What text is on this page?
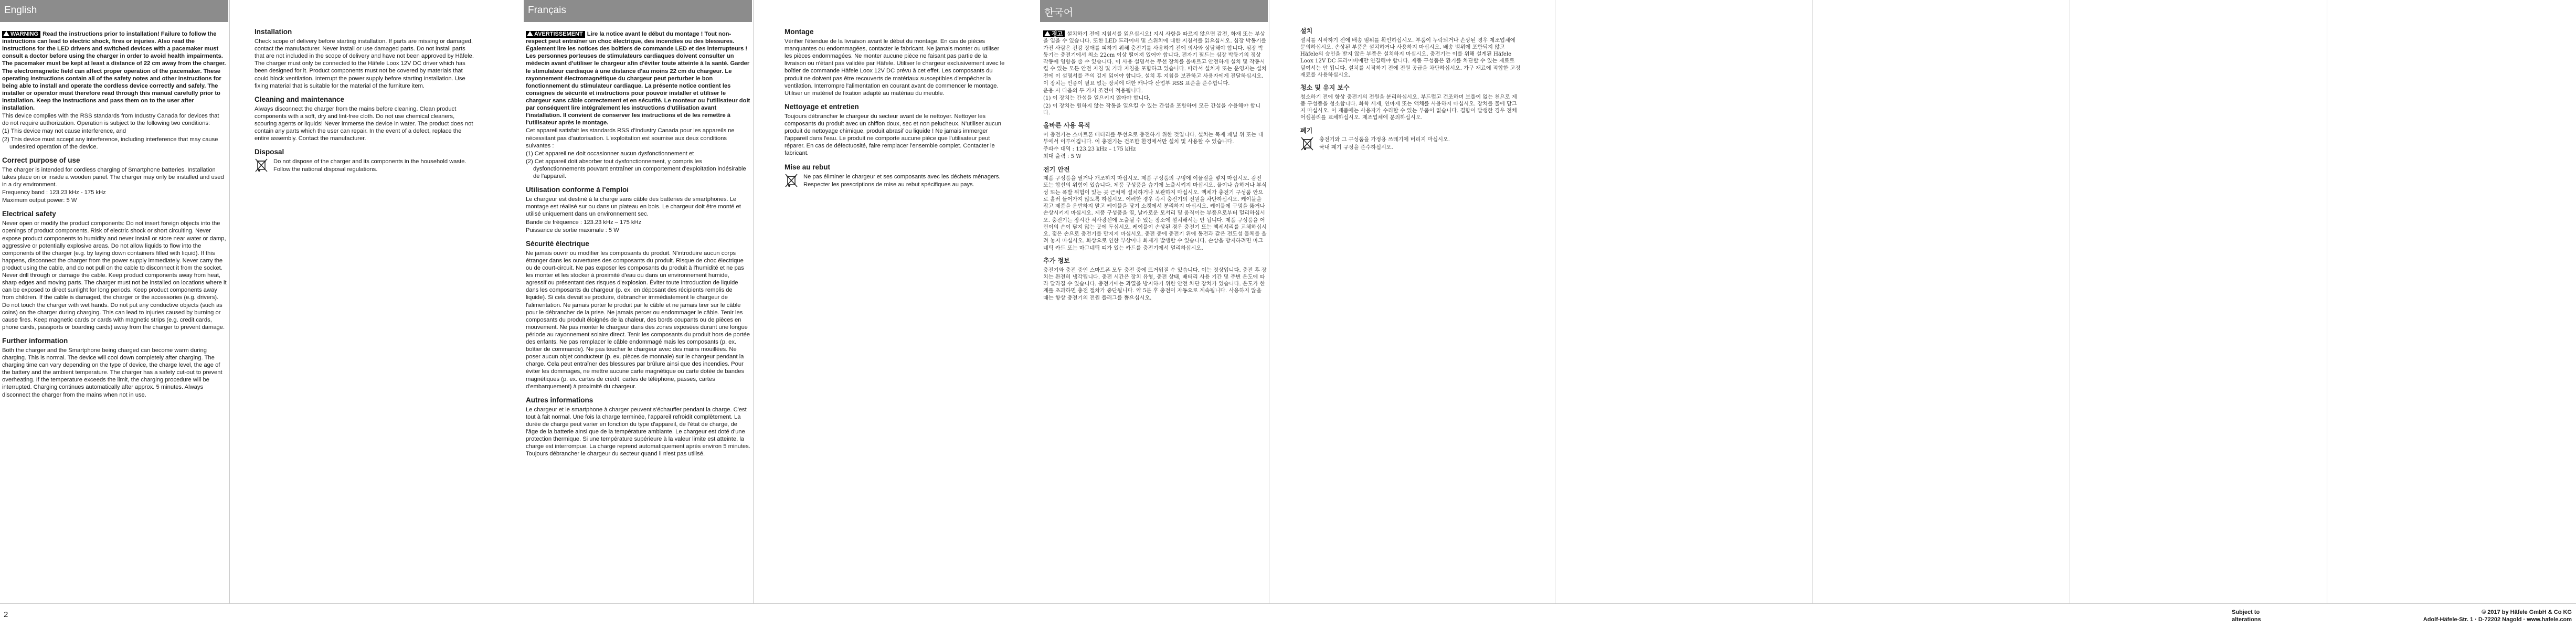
English

WARNING Read the instructions prior to installation! Failure to follow the instructions can lead to electric shock, fires or injuries. Also read the instructions for the LED drivers and switched devices with a pacemaker must consult a doctor before using the charger in order to avoid health impairments. The pacemaker must be kept at least a distance of 22 cm away from the charger. The electromagnetic field can affect proper operation of the pacemaker. These operating instructions contain all of the safety notes and other instructions for being able to install and operate the cordless device correctly and safely. The installer or operator must therefore read through this manual carefully prior to installation. Keep the instructions and pass them on to the user after installation.

This device complies with the RSS standards from Industry Canada for devices that do not require authorization. Operation is subject to the following two conditions:

(1) This device may not cause interference, and

(2) This device must accept any interference, including interference that may cause undesired operation of the device.

Correct purpose of use

The charger is intended for cordless charging of Smartphone batteries. Installation takes place on or inside a wooden panel. The charger may only be installed and used in a dry environment.

Frequency band : 123.23 kHz - 175 kHz

Maximum output power: 5 W

Electrical safety

Never open or modify the product components: Do not insert foreign objects into the openings of product components. Risk of electric shock or short circuiting. Never expose product components to humidity and never install or store near water or damp, aggressive or potentially explosive areas. Do not allow liquids to flow into the components of the charger (e.g. by laying down containers filled with liquid). If this happens, disconnect the charger from the power supply immediately. Never carry the product using the cable, and do not pull on the cable to disconnect it from the socket. Never drill through or damage the cable. Keep product components away from heat, sharp edges and moving parts. The charger must not be installed on locations where it can be exposed to direct sunlight for long periods. Keep product components away from children. If the cable is damaged, the charger or the accessories (e.g. drivers). Do not touch the charger with wet hands. Do not put any conductive objects (such as coins) on the charger during charging. This can lead to injuries caused by burning or cause fires. Keep magnetic cards or cards with magnetic strips (e.g. credit cards, phone cards, passports or boarding cards) away from the charger to prevent damage.

Further information

Both the charger and the Smartphone being charged can become warm during charging. This is normal. The device will cool down completely after charging. The charging time can vary depending on the type of device, the charge level, the age of the battery and the ambient temperature. The charger has a safety cut-out to prevent overheating. If the temperature exceeds the limit, the charging procedure will be interrupted. Charging continues automatically after approx. 5 minutes. Always disconnect the charger from the mains when not in use.

Installation

Check scope of delivery before starting installation. If parts are missing or damaged, contact the manufacturer. Never install or use damaged parts. Do not install parts that are not included in the scope of delivery and have not been approved by Häfele. The charger must only be connected to the Häfele Loox 12V DC driver which has been designed for it. Product components must not be covered by materials that could block ventilation. Interrupt the power supply before starting installation. Use fixing material that is suitable for the material of the furniture item.

Cleaning and maintenance

Always disconnect the charger from the mains before cleaning. Clean product components with a soft, dry and lint-free cloth. Do not use chemical cleaners, scouring agents or liquids! Never immerse the device in water. The product does not contain any parts which the user can repair. In the event of a defect, replace the entire assembly. Contact the manufacturer.

Disposal

Do not dispose of the charger and its components in the household waste.

Follow the national disposal regulations.

Français

AVERTISSEMENT Lire la notice avant le début du montage ! Tout non-respect peut entraîner un choc électrique, des incendies ou des blessures. Également lire les notices des boîtiers de commande LED et des interrupteurs ! Les personnes porteuses de stimulateurs cardiaques doivent consulter un médecin avant d'utiliser le chargeur afin d'éviter toute atteinte à la santé. Garder le stimulateur cardiaque à une distance d'au moins 22 cm du chargeur. Le rayonnement électromagnétique du chargeur peut perturber le bon fonctionnement du stimulateur cardiaque. La présente notice contient les consignes de sécurité et instructions pour pouvoir installer et utiliser le chargeur sans câble correctement et en sécurité. Le monteur ou l'utilisateur doit par conséquent lire intégralement les instructions d'utilisation avant l'installation. Il convient de conserver les instructions et de les remettre à l'utilisateur après le montage.

Cet appareil satisfait les standards RSS d'Industry Canada pour les appareils ne nécessitant pas d'autorisation. L'exploitation est soumise aux deux conditions suivantes :

(1) Cet appareil ne doit occasionner aucun dysfonctionnement et

(2) Cet appareil doit absorber tout dysfonctionnement, y compris les dysfonctionnements pouvant entraîner un comportement d'exploitation indésirable de l'appareil.

Utilisation conforme à l'emploi

Le chargeur est destiné à la charge sans câble des batteries de smartphones. Le montage est réalisé sur ou dans un plateau en bois. Le chargeur doit être monté et utilisé uniquement dans un environnement sec.

Bande de fréquence : 123.23 kHz – 175 kHz

Puissance de sortie maximale : 5 W

Sécurité électrique

Ne jamais ouvrir ou modifier les composants du produit. N'introduire aucun corps étranger dans les ouvertures des composants du produit. Risque de choc électrique ou de court-circuit. Ne pas exposer les composants du produit à l'humidité et ne pas les monter et les stocker à proximité d'eau ou dans un environnement humide, agressif ou présentant des risques d'explosion. Éviter toute introduction de liquide dans les composants du chargeur (p. ex. en déposant des récipients remplis de liquide). Si cela devait se produire, débrancher immédiatement le chargeur de l'alimentation. Ne jamais porter le produit par le câble et ne jamais tirer sur le câble pour le débrancher de la prise. Ne jamais percer ou endommager le câble. Tenir les composants du produit éloignés de la chaleur, des bords coupants ou de pièces en mouvement. Ne pas monter le chargeur dans des zones exposées durant une longue période au rayonnement solaire direct. Tenir les composants du produit hors de portée des enfants. Ne pas remplacer le câble endommagé mais les composants (p. ex. boîtier de commande). Ne pas toucher le chargeur avec des mains mouillées. Ne poser aucun objet conducteur (p. ex. pièces de monnaie) sur le chargeur pendant la charge. Cela peut entraîner des blessures par brûlure ainsi que des incendies. Pour éviter les dommages, ne mettre aucune carte magnétique ou carte dotée de bandes magnétiques (p. ex. cartes de crédit, cartes de téléphone, passes, cartes d'embarquement) à proximité du chargeur.

Autres informations

Le chargeur et le smartphone à charger peuvent s'échauffer pendant la charge. C'est tout à fait normal. Une fois la charge terminée, l'appareil refroidit complètement. La durée de charge peut varier en fonction du type d'appareil, de l'état de charge, de l'âge de la batterie ainsi que de la température ambiante. Le chargeur est doté d'une protection thermique. Si une température supérieure à la valeur limite est atteinte, la charge est interrompue. La charge reprend automatiquement après environ 5 minutes. Toujours débrancher le chargeur du secteur quand il n'est pas utilisé.

Montage

Vérifier l'étendue de la livraison avant le début du montage. En cas de pièces manquantes ou endommagées, contacter le fabricant. Ne jamais monter ou utiliser les pièces endommagées. Ne monter aucune pièce ne faisant pas partie de la livraison ou n'étant pas validée par Häfele. Utiliser le chargeur exclusivement avec le boîtier de commande Häfele Loox 12V DC prévu à cet effet. Les composants du produit ne doivent pas être recouverts de matériaux susceptibles d'empêcher la ventilation. Interrompre l'alimentation en courant avant de commencer le montage. Utiliser un matériel de fixation adapté au matériau du meuble.

Nettoyage et entretien

Toujours débrancher le chargeur du secteur avant de le nettoyer. Nettoyer les composants du produit avec un chiffon doux, sec et non pelucheux. N'utiliser aucun produit de nettoyage chimique, produit abrasif ou liquide ! Ne jamais immerger l'appareil dans l'eau. Le produit ne comporte aucune pièce que l'utilisateur peut réparer. En cas de défectuosité, faire remplacer l'ensemble complet. Contacter le fabricant.

Mise au rebut

Ne pas éliminer le chargeur et ses composants avec les déchets ménagers.

Respecter les prescriptions de mise au rebut spécifiques au pays.

한국어

경고 설치하기 전에 지침서를 읽으십시오! 지시 사항을 따르지 않으면 감전, 화재 또는 부상을 입을 수 있습니다. 또한 LED 드라이버 및 스위치에 대한 지침서를 읽으십시오. 심장 박동기를 가진 사람은 건강 장애를 피하기 위해 충전기를 사용하기 전에 의사와 상담해야 합니다. 심장 박동기는 충전기에서 최소 22cm 이상 떨어져 있어야 합니다. 전자기 필드는 심장 박동기의 정상 작동에 영향을 줄 수 있습니다. 이 사용 설명서는 무선 장치를 올바르고 안전하게 설치 및 작동시킬 수 있는 모든 안전 지침 및 기타 지침을 포함하고 있습니다. 따라서 설치자 또는 운영자는 설치 전에 이 설명서를 주의 깊게 읽어야 합니다. 설치 후 지침을 보관하고 사용자에게 전달하십시오.

이 장치는 인증이 필요 없는 장치에 대한 캐나다 산업부 RSS 표준을 준수합니다.

운용 시 다음의 두 가지 조건이 적용됩니다.

(1) 이 장치는 간섭을 일으키지 않아야 합니다.

(2) 이 장치는 원하지 않는 작동을 일으킬 수 있는 간섭을 포함하여 모든 간섭을 수용해야 합니다.

올바른 사용 목적

이 충전기는 스마트폰 배터리를 무선으로 충전하기 위한 것입니다. 설치는 목재 패널 위 또는 내부에서 이루어집니다. 이 충전기는 건조한 환경에서만 설치 및 사용할 수 있습니다.

주파수 대역 : 123.23 kHz – 175 kHz

최대 출력 : 5 W

전기 안전

제품 구성품을 열거나 개조하지 마십시오. 제품 구성품의 구멍에 이물질을 넣지 마십시오. 감전 또는 합선의 위험이 있습니다. 제품 구성품을 습기에 노출시키지 마십시오. 물이나 습하거나 부식성 또는 폭발 위험이 있는 곳 근처에 설치하거나 보관하지 마십시오. 액체가 충전기 구성품 안으로 흘러 들어가지 않도록 하십시오. 이러한 경우 즉시 충전기의 전원을 차단하십시오. 케이블을 잡고 제품을 운반하지 말고 케이블을 당겨 소켓에서 분리하지 마십시오. 케이블에 구멍을 뚫거나 손상시키지 마십시오. 제품 구성품을 열, 날카로운 모서리 및 움직이는 부품으로부터 멀리하십시오. 충전기는 장시간 직사광선에 노출될 수 있는 장소에 설치해서는 안 됩니다. 제품 구성품을 어린이의 손이 닿지 않는 곳에 두십시오. 케이블이 손상된 경우 충전기 또는 액세서리를 교체하십시오. 젖은 손으로 충전기를 만지지 마십시오. 충전 중에 충전기 위에 동전과 같은 전도성 물체를 올려 놓지 마십시오. 화상으로 인한 부상이나 화재가 발생할 수 있습니다. 손상을 방지하려면 마그네틱 카드 또는 마그네틱 띠가 있는 카드를 충전기에서 멀리하십시오.

추가 정보

충전기와 충전 중인 스마트폰 모두 충전 중에 뜨거워질 수 있습니다. 이는 정상입니다. 충전 후 장치는 완전히 냉각됩니다. 충전 시간은 장치 유형, 충전 상태, 배터리 사용 기간 및 주변 온도에 따라 달라질 수 있습니다. 충전기에는 과열을 방지하기 위한 안전 차단 장치가 있습니다. 온도가 한계를 초과하면 충전 절차가 중단됩니다. 약 5분 후 충전이 자동으로 계속됩니다. 사용하지 않을 때는 항상 충전기의 전원 플러그를 뽑으십시오.

설치

설치를 시작하기 전에 배송 범위를 확인하십시오. 부품이 누락되거나 손상된 경우 제조업체에 문의하십시오. 손상된 부품은 설치하거나 사용하지 마십시오. 배송 범위에 포함되지 않고 Häfele의 승인을 받지 않은 부품은 설치하지 마십시오. 충전기는 이를 위해 설계된 Häfele Loox 12V DC 드라이버에만 연결해야 합니다. 제품 구성품은 환기를 차단할 수 있는 재료로 덮여서는 안 됩니다. 설치를 시작하기 전에 전원 공급을 차단하십시오. 가구 재료에 적합한 고정 재료를 사용하십시오.

청소 및 유지 보수

청소하기 전에 항상 충전기의 전원을 분리하십시오. 부드럽고 건조하며 보풀이 없는 천으로 제품 구성품을 청소합니다. 화학 세제, 연마제 또는 액체를 사용하지 마십시오. 장치를 물에 담그지 마십시오. 이 제품에는 사용자가 수리할 수 있는 부품이 없습니다. 결함이 발생한 경우 전체 어셈블리를 교체하십시오. 제조업체에 문의하십시오.

폐기

충전기와 그 구성품을 가정용 쓰레기에 버리지 마십시오.

국내 폐기 규정을 준수하십시오.

2	Subject to
alterations
© 2017 by Häfele GmbH & Co KG
Adolf-Häfele-Str. 1 · D-72202 Nagold · www.hafele.com
